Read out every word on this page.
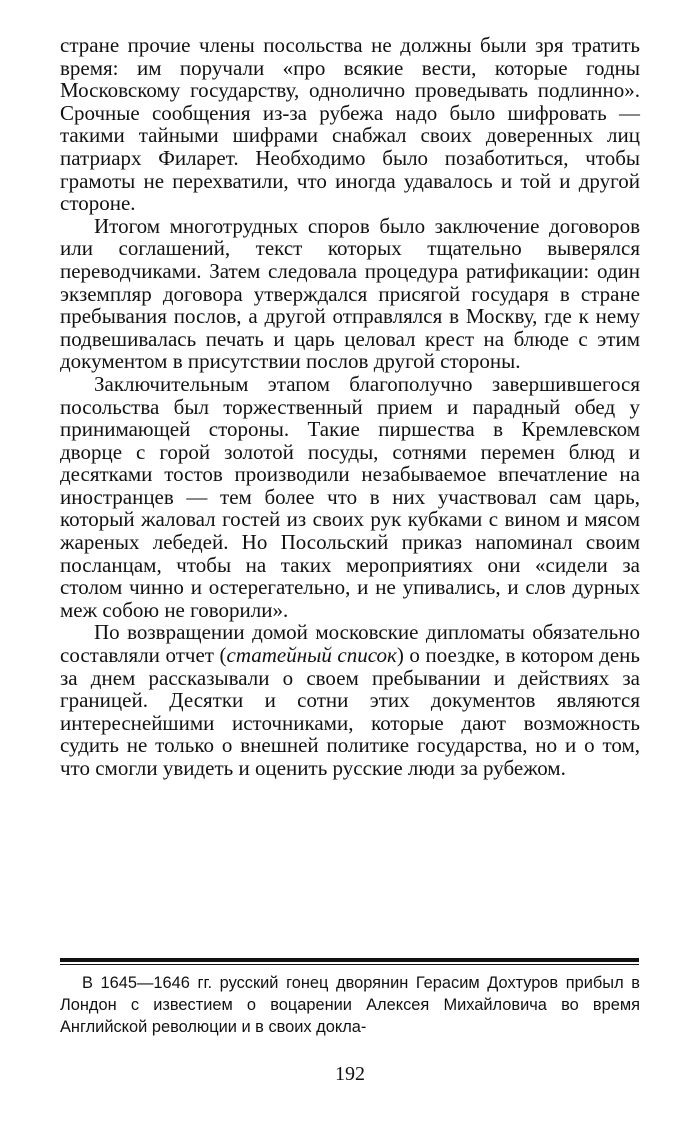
стране прочие члены посольства не должны были зря тратить время: им поручали «про всякие вести, которые годны Московскому государству, однолично проведывать подлинно». Срочные сообщения из-за рубежа надо было шифровать — такими тайными шифрами снабжал своих доверенных лиц патриарх Филарет. Необходимо было позаботиться, чтобы грамоты не перехватили, что иногда удавалось и той и другой стороне.

Итогом многотрудных споров было заключение договоров или соглашений, текст которых тщательно выверялся переводчиками. Затем следовала процедура ратификации: один экземпляр договора утверждался присягой государя в стране пребывания послов, а другой отправлялся в Москву, где к нему подвешивалась печать и царь целовал крест на блюде с этим документом в присутствии послов другой стороны.

Заключительным этапом благополучно завершившегося посольства был торжественный прием и парадный обед у принимающей стороны. Такие пиршества в Кремлевском дворце с горой золотой посуды, сотнями перемен блюд и десятками тостов производили незабываемое впечатление на иностранцев — тем более что в них участвовал сам царь, который жаловал гостей из своих рук кубками с вином и мясом жареных лебедей. Но Посольский приказ напоминал своим посланцам, чтобы на таких мероприятиях они «сидели за столом чинно и остерегательно, и не упивались, и слов дурных меж собою не говорили».

По возвращении домой московские дипломаты обязательно составляли отчет (статейный список) о поездке, в котором день за днем рассказывали о своем пребывании и действиях за границей. Десятки и сотни этих документов являются интереснейшими источниками, которые дают возможность судить не только о внешней политике государства, но и о том, что смогли увидеть и оценить русские люди за рубежом.

В 1645—1646 гг. русский гонец дворянин Герасим Дохтуров прибыл в Лондон с известием о воцарении Алексея Михайловича во время Английской революции и в своих докла-

192
